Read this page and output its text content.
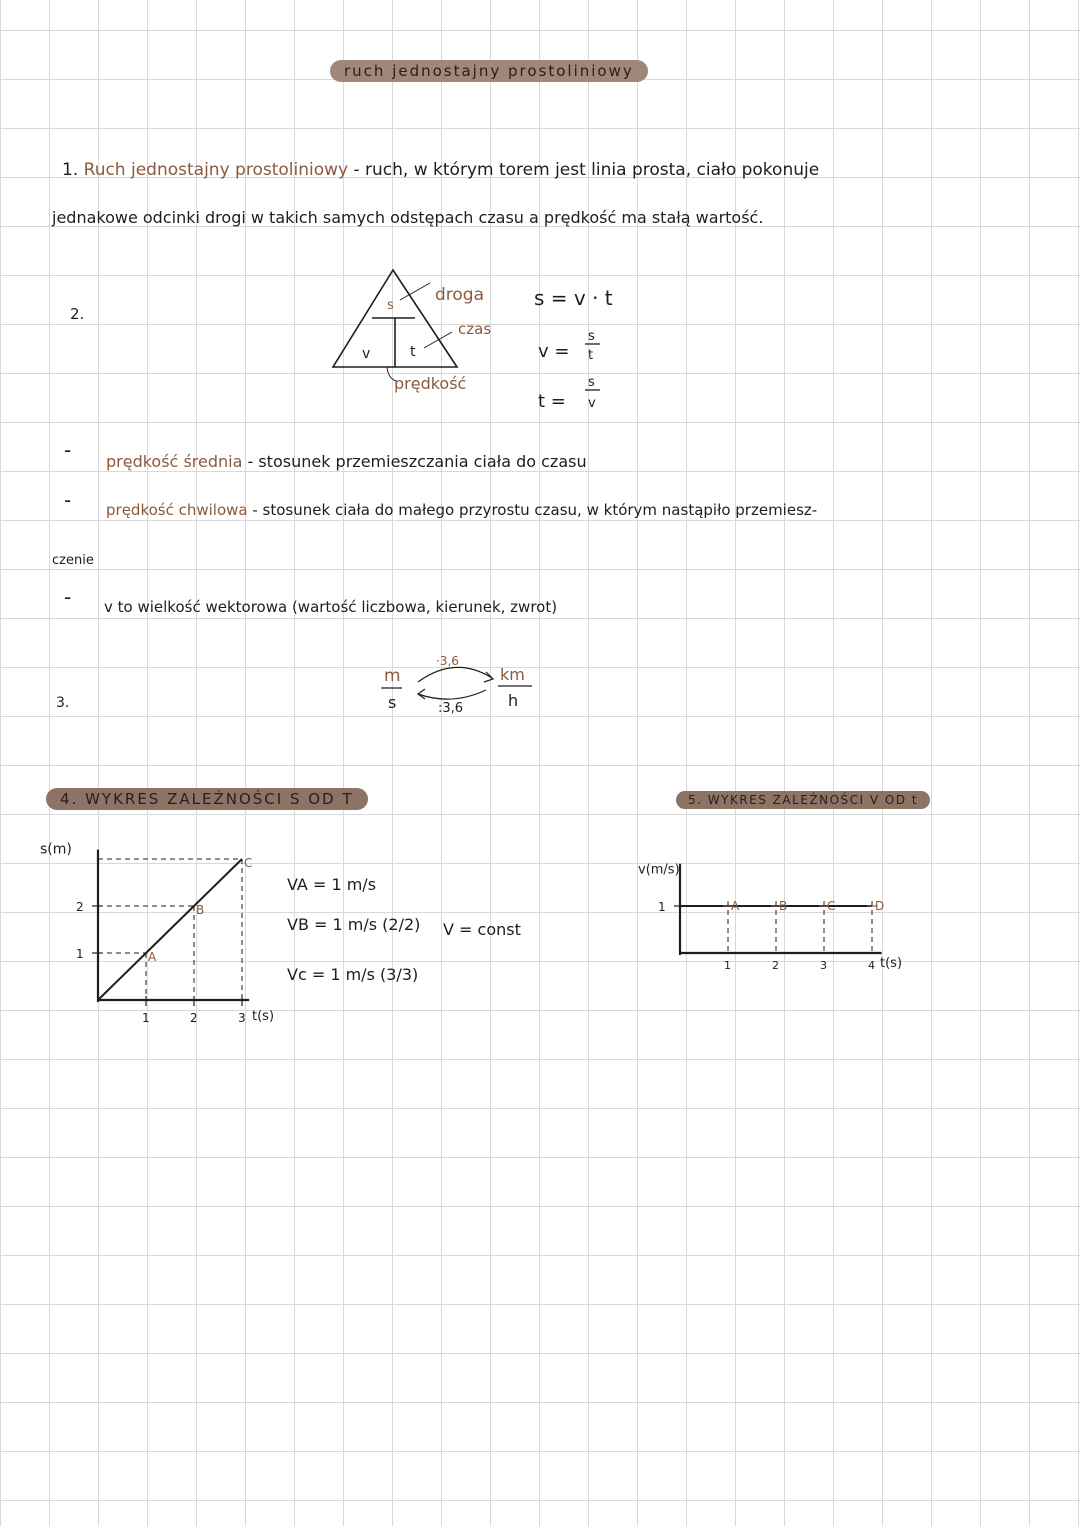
ruch jednostajny prostoliniowy
1. Ruch jednostajny prostoliniowy - ruch, w którym torem jest linia prosta, ciało pokonuje
jednakowe odcinki drogi w takich samych odstępach czasu a prędkość ma stałą wartość.
2.	s
v	t
droga
czas
prędkość
s = v · t
v =
s
t
t =
s
v
- prędkość średnia - stosunek przemieszczania ciała do czasu
- prędkość chwilowa - stosunek ciała do małego przyrostu czasu, w którym nastąpiło przemiesz-
czenie
- v to wielkość wektorowa (wartość liczbowa, kierunek, zwrot)
3.
m
s
·3,6
:3,6
km
h
4. WYKRES ZALEŻNOŚCI S OD T
A
B
C
1	2	3
1
2
t(s)
s(m)
VA = 1 m/s
VB = 1 m/s (2/2)
Vc = 1 m/s (3/3)
V = const
5. WYKRES ZALEŻNOŚCI V OD t
A	B	C	D
1	2	3	4
1
t(s)
v(m/s)
